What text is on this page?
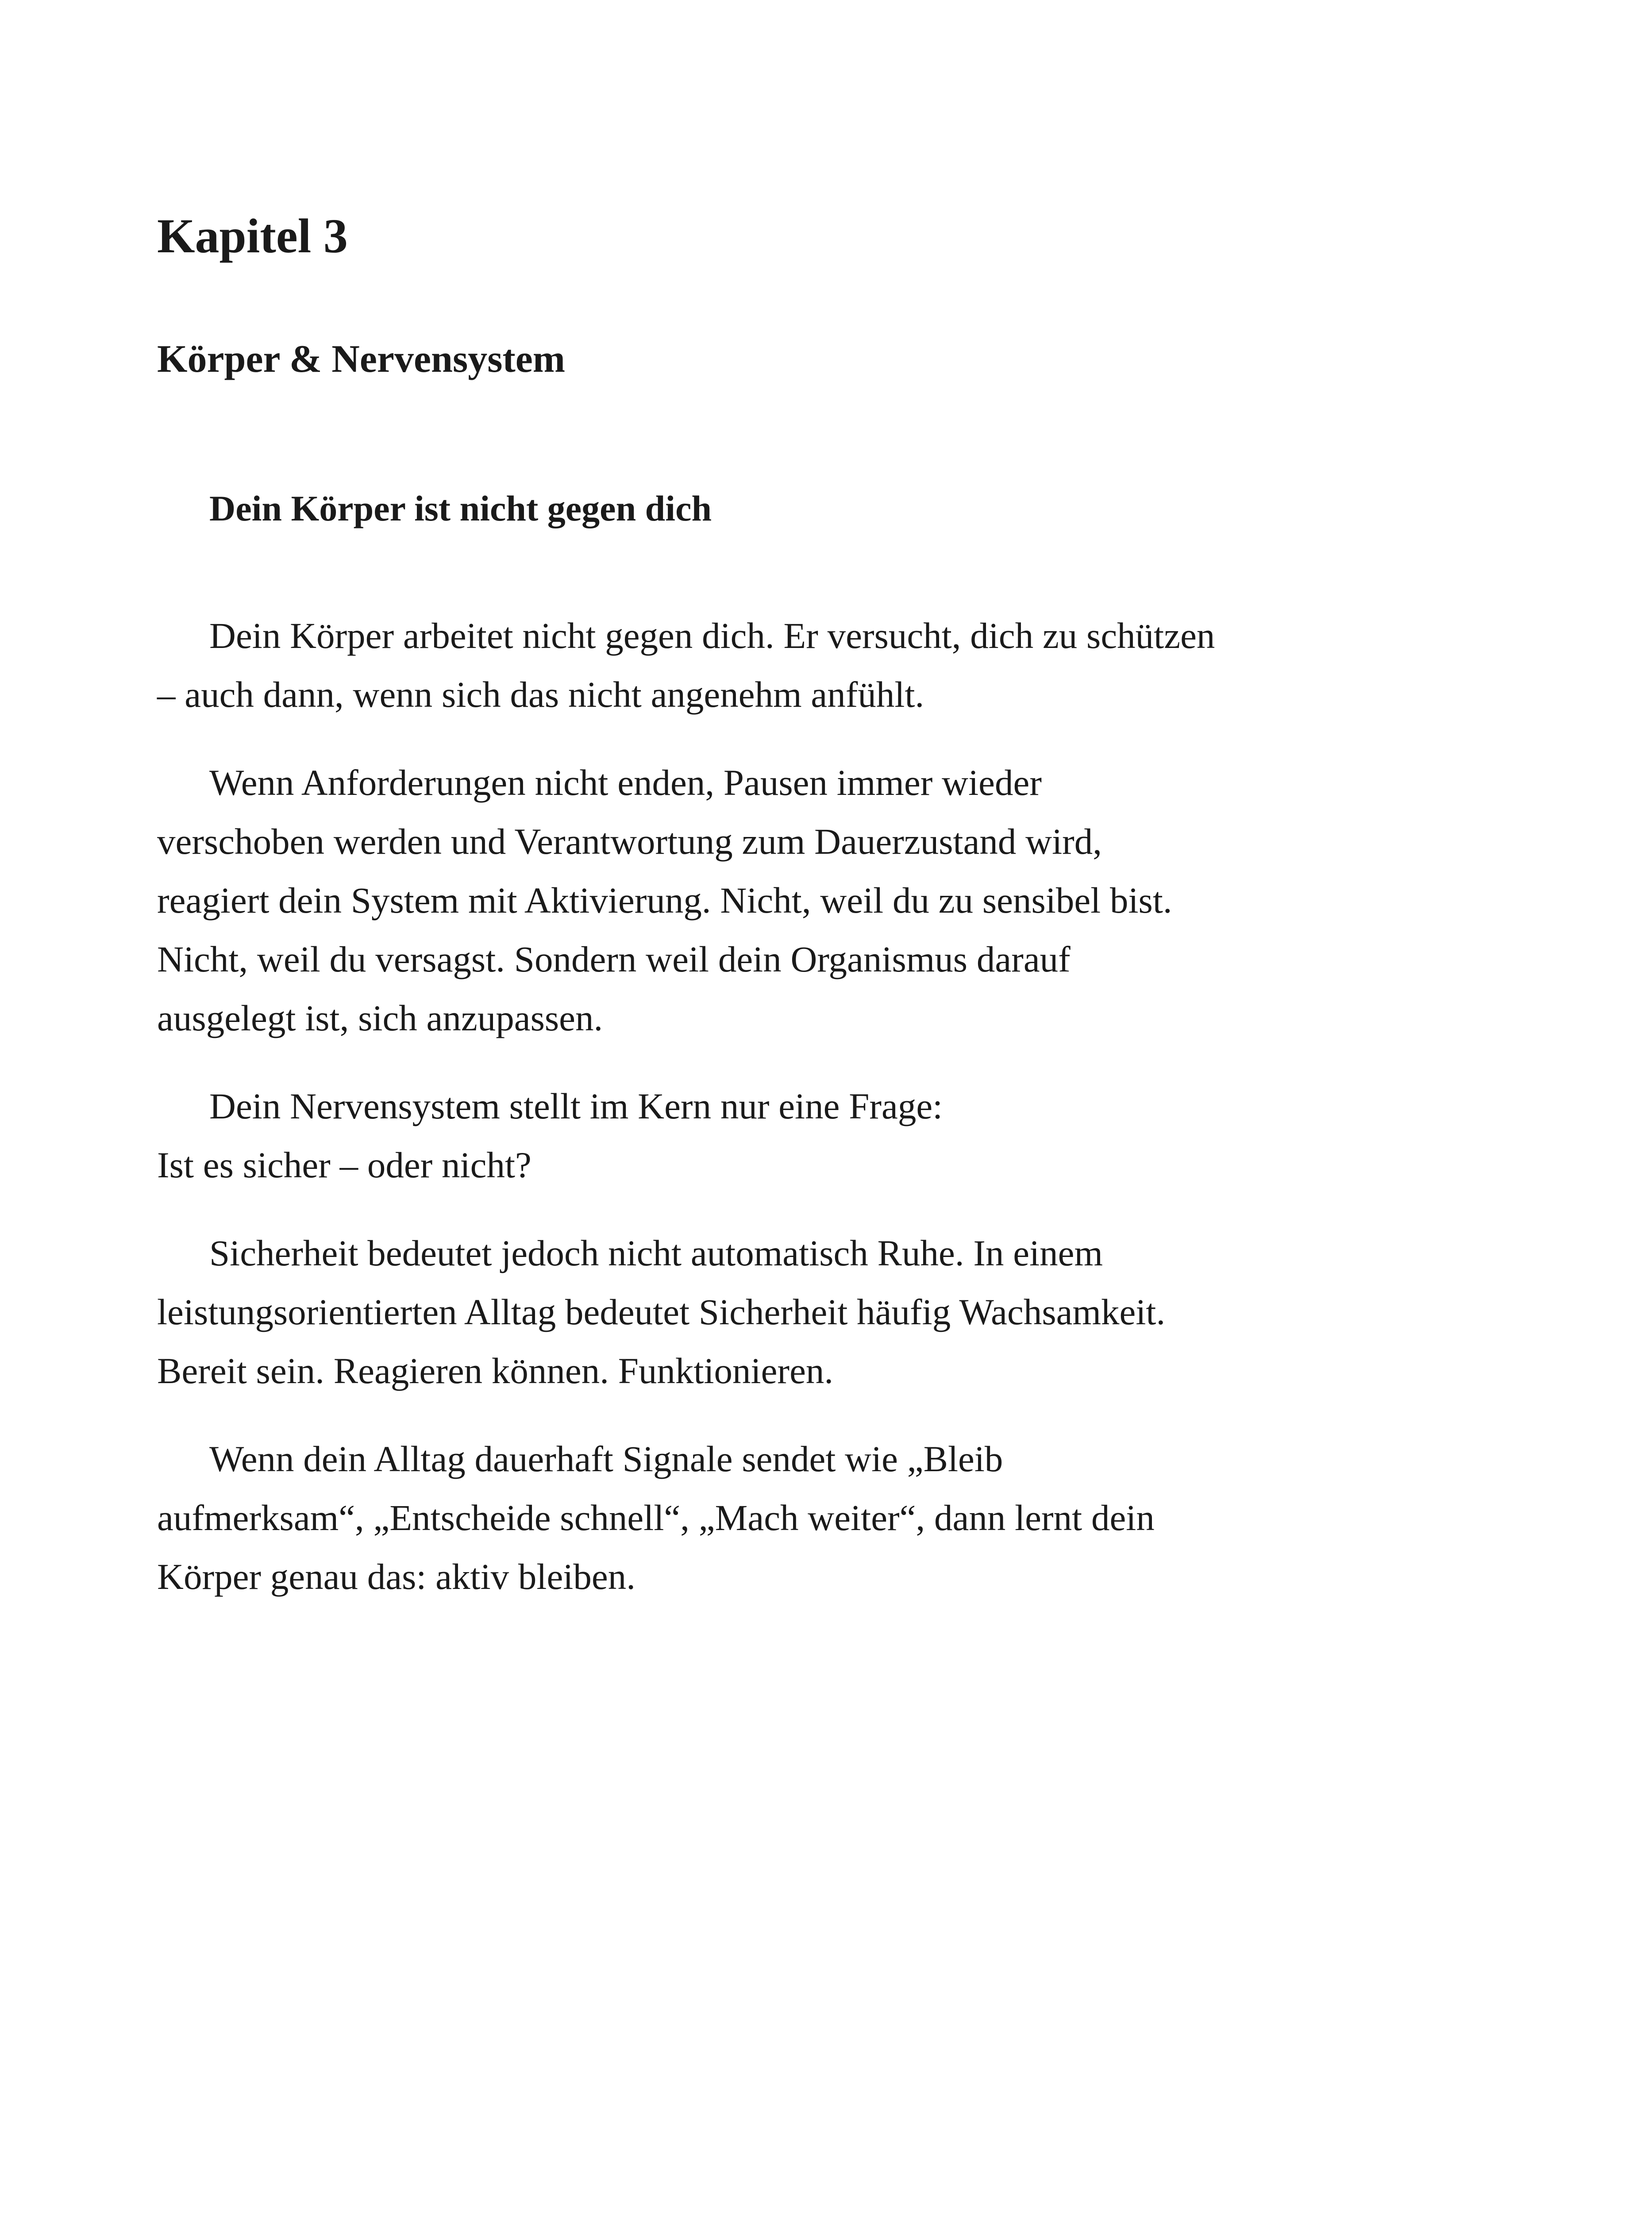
Kapitel 3
Körper & Nervensystem
Dein Körper ist nicht gegen dich

Dein Körper arbeitet nicht gegen dich. Er versucht, dich zu schützen
– auch dann, wenn sich das nicht angenehm anfühlt.

Wenn Anforderungen nicht enden, Pausen immer wieder
verschoben werden und Verantwortung zum Dauerzustand wird,
reagiert dein System mit Aktivierung. Nicht, weil du zu sensibel bist.
Nicht, weil du versagst. Sondern weil dein Organismus darauf
ausgelegt ist, sich anzupassen.

Dein Nervensystem stellt im Kern nur eine Frage:
Ist es sicher – oder nicht?

Sicherheit bedeutet jedoch nicht automatisch Ruhe. In einem
leistungsorientierten Alltag bedeutet Sicherheit häufig Wachsamkeit.
Bereit sein. Reagieren können. Funktionieren.

Wenn dein Alltag dauerhaft Signale sendet wie „Bleib
aufmerksam“, „Entscheide schnell“, „Mach weiter“, dann lernt dein
Körper genau das: aktiv bleiben.
